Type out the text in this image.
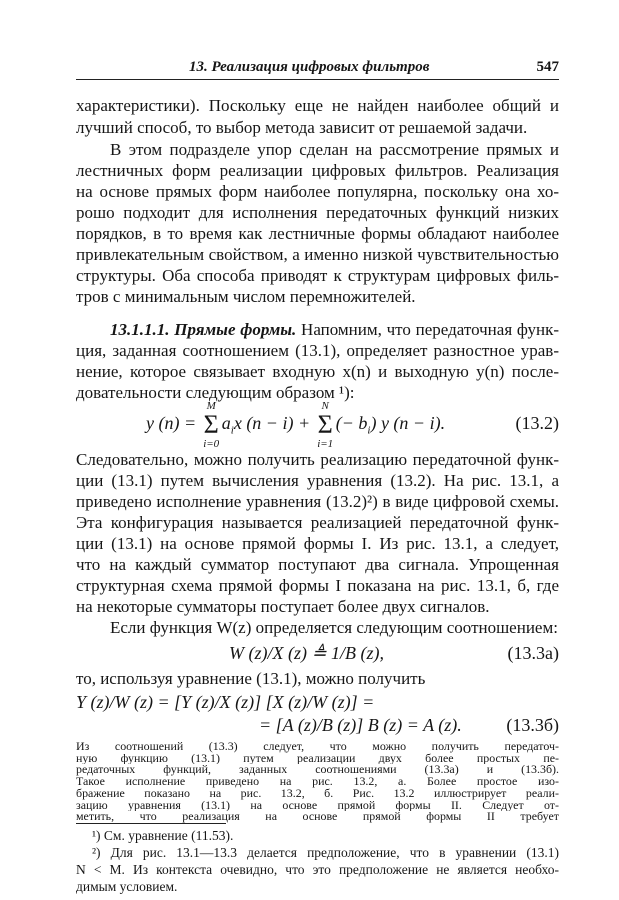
13. Реализация цифровых фильтров	547
характеристики). Поскольку еще не найден наиболее общий и
лучший способ, то выбор метода зависит от решаемой задачи.
В этом подразделе упор сделан на рассмотрение прямых и
лестничных форм реализации цифровых фильтров. Реализация
на основе прямых форм наиболее популярна, поскольку она хо-
рошо подходит для исполнения передаточных функций низких
порядков, в то время как лестничные формы обладают наиболее
привлекательным свойством, а именно низкой чувствительностью
структуры. Оба способа приводят к структурам цифровых филь-
тров с минимальным числом перемножителей.
13.1.1.1. Прямые формы. Напомним, что передаточная функ-
ция, заданная соотношением (13.1), определяет разностное урав-
нение, которое связывает входную x(n) и выходную y(n) после-
довательности следующим образом ¹):
y (n) = Σ
M
i=0
$a_ix$ (n − i) + Σ
N
i=1
(− $b_i$) y (n − i).	(13.2)
Следовательно, можно получить реализацию передаточной функ-
ции (13.1) путем вычисления уравнения (13.2). На рис. 13.1, а
приведено исполнение уравнения (13.2)²) в виде цифровой схемы.
Эта конфигурация называется реализацией передаточной функ-
ции (13.1) на основе прямой формы I. Из рис. 13.1, а следует,
что на каждый сумматор поступают два сигнала. Упрощенная
структурная схема прямой формы I показана на рис. 13.1, б, где
на некоторые сумматоры поступает более двух сигналов.
Если функция W(z) определяется следующим соотношением:
W (z)/X (z) ≜ 1/B (z),	(13.3а)
то, используя уравнение (13.1), можно получить
Y (z)/W (z) = [Y (z)/X (z)] [X (z)/W (z)] =
= [A (z)/B (z)] B (z) = A (z). (13.3б)
¹) См. уравнение (11.53).
²) Для рис. 13.1—13.3 делается предположение, что в уравнении (13.1)
N < M. Из контекста очевидно, что это предположение не является необхо-
димым условием.
Из соотношений (13.3) следует, что можно получить передаточ-
ную функцию (13.1) путем реализации двух более простых пе-
редаточных функций, заданных соотношениями (13.3а) и (13.3б).
Такое исполнение приведено на рис. 13.2, а. Более простое изо-
бражение показано на рис. 13.2, б. Рис. 13.2 иллюстрирует реали-
зацию уравнения (13.1) на основе прямой формы II. Следует от-
метить, что реализация на основе прямой формы II требует
